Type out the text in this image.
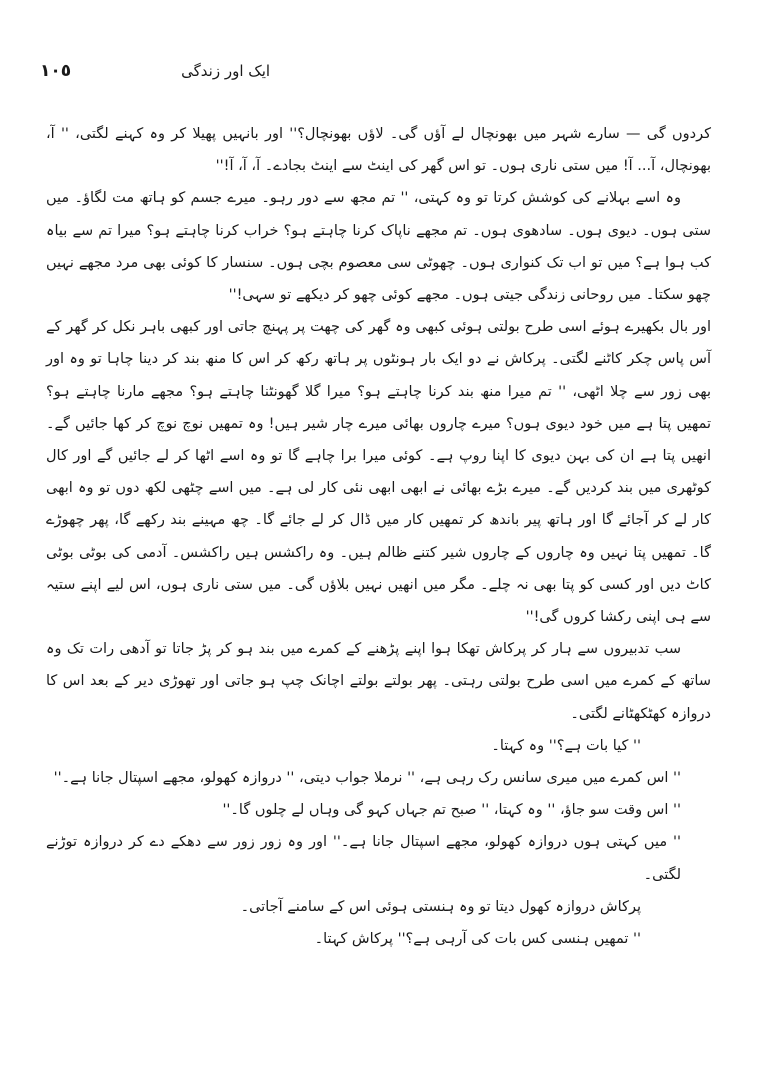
١٠٥	ایک اور زندگی

کردوں گی — سارے شہر میں بھونچال لے آؤں گی۔ لاؤں بھونچال؟'' اور بانہیں پھیلا کر وہ کہنے لگتی، '' آ، بھونچال، آ... آ! میں ستی ناری ہوں۔ تو اس گھر کی اینٹ سے اینٹ بجادے۔ آ، آ، آ!''

وہ اسے بہلانے کی کوشش کرتا تو وہ کہتی، '' تم مجھ سے دور رہو۔ میرے جسم کو ہاتھ مت لگاؤ۔ میں ستی ہوں۔ دیوی ہوں۔ سادھوی ہوں۔ تم مجھے ناپاک کرنا چاہتے ہو؟ خراب کرنا چاہتے ہو؟ میرا تم سے بیاہ کب ہوا ہے؟ میں تو اب تک کنواری ہوں۔ چھوٹی سی معصوم بچی ہوں۔ سنسار کا کوئی بھی مرد مجھے نہیں چھو سکتا۔ میں روحانی زندگی جیتی ہوں۔ مجھے کوئی چھو کر دیکھے تو سہی!''

اور بال بکھیرے ہوئے اسی طرح بولتی ہوئی کبھی وہ گھر کی چھت پر پہنچ جاتی اور کبھی باہر نکل کر گھر کے آس پاس چکر کاٹنے لگتی۔ پرکاش نے دو ایک بار ہونٹوں پر ہاتھ رکھ کر اس کا منھ بند کر دینا چاہا تو وہ اور بھی زور سے چلا اٹھی، '' تم میرا منھ بند کرنا چاہتے ہو؟ میرا گلا گھونٹنا چاہتے ہو؟ مجھے مارنا چاہتے ہو؟ تمھیں پتا ہے میں خود دیوی ہوں؟ میرے چاروں بھائی میرے چار شیر ہیں! وہ تمھیں نوچ نوچ کر کھا جائیں گے۔ انھیں پتا ہے ان کی بہن دیوی کا اپنا روپ ہے۔ کوئی میرا برا چاہے گا تو وہ اسے اٹھا کر لے جائیں گے اور کال کوٹھری میں بند کردیں گے۔ میرے بڑے بھائی نے ابھی ابھی نئی کار لی ہے۔ میں اسے چٹھی لکھ دوں تو وہ ابھی کار لے کر آجائے گا اور ہاتھ پیر باندھ کر تمھیں کار میں ڈال کر لے جائے گا۔ چھ مہینے بند رکھے گا، پھر چھوڑے گا۔ تمھیں پتا نہیں وہ چاروں کے چاروں شیر کتنے ظالم ہیں۔ وہ راکشس ہیں راکشس۔ آدمی کی بوٹی بوٹی کاٹ دیں اور کسی کو پتا بھی نہ چلے۔ مگر میں انھیں نہیں بلاؤں گی۔ میں ستی ناری ہوں، اس لیے اپنے ستیہ سے ہی اپنی رکشا کروں گی!''

سب تدبیروں سے ہار کر پرکاش تھکا ہوا اپنے پڑھنے کے کمرے میں بند ہو کر پڑ جاتا تو آدھی رات تک وہ ساتھ کے کمرے میں اسی طرح بولتی رہتی۔ پھر بولتے بولتے اچانک چپ ہو جاتی اور تھوڑی دیر کے بعد اس کا دروازہ کھٹکھٹانے لگتی۔

'' کیا بات ہے؟'' وہ کہتا۔

'' اس کمرے میں میری سانس رک رہی ہے، '' نرملا جواب دیتی، '' دروازہ کھولو، مجھے اسپتال جانا ہے۔''

'' اس وقت سو جاؤ، '' وہ کہتا، '' صبح تم جہاں کہو گی وہاں لے چلوں گا۔''

'' میں کہتی ہوں دروازہ کھولو، مجھے اسپتال جانا ہے۔'' اور وہ زور زور سے دھکے دے کر دروازہ توڑنے لگتی۔

پرکاش دروازہ کھول دیتا تو وہ ہنستی ہوئی اس کے سامنے آجاتی۔

'' تمھیں ہنسی کس بات کی آرہی ہے؟'' پرکاش کہتا۔
